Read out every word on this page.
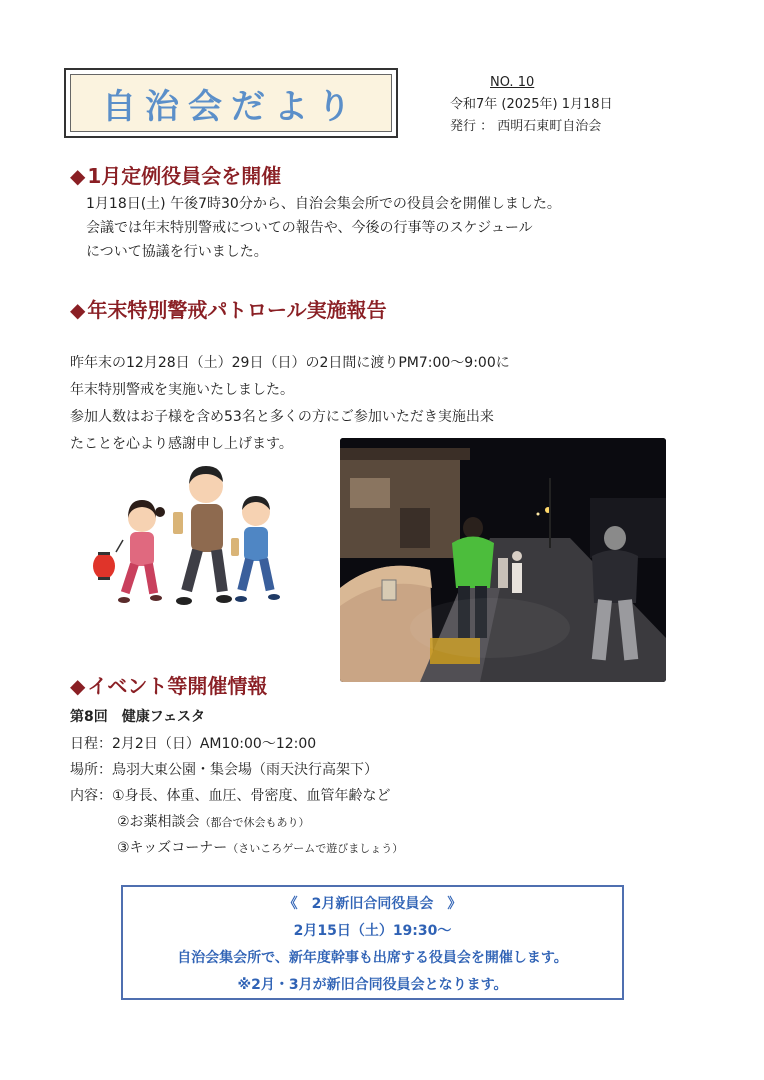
自治会だより
NO. 10
令和7年 (2025年) 1月18日
発行 ： 西明石東町自治会
◆ 1月定例役員会を開催
1月18日(土) 午後7時30分から、自治会集会所での役員会を開催しました。
会議では年末特別警戒についての報告や、今後の行事等のスケジュール
について協議を行いました。
◆ 年末特別警戒パトロール実施報告
昨年末の12月28日（土）29日（日）の2日間に渡りPM7:00～9:00に
年末特別警戒を実施いたしました。
参加人数はお子様を含め53名と多くの方にご参加いただき実施出来
たことを心より感謝申し上げます。
◆ イベント等開催情報
第8回　健康フェスタ
日程：2月2日（日）AM10:00～12:00
場所：鳥羽大東公園・集会場（雨天決行高架下）
内容：①身長、体重、血圧、骨密度、血管年齢など
②お薬相談会（都合で休会もあり）
③キッズコーナー（さいころゲームで遊びましょう）
《　2月新旧合同役員会　》
2月15日（土）19:30～
自治会集会所で、新年度幹事も出席する役員会を開催します。
※2月・3月が新旧合同役員会となります。
